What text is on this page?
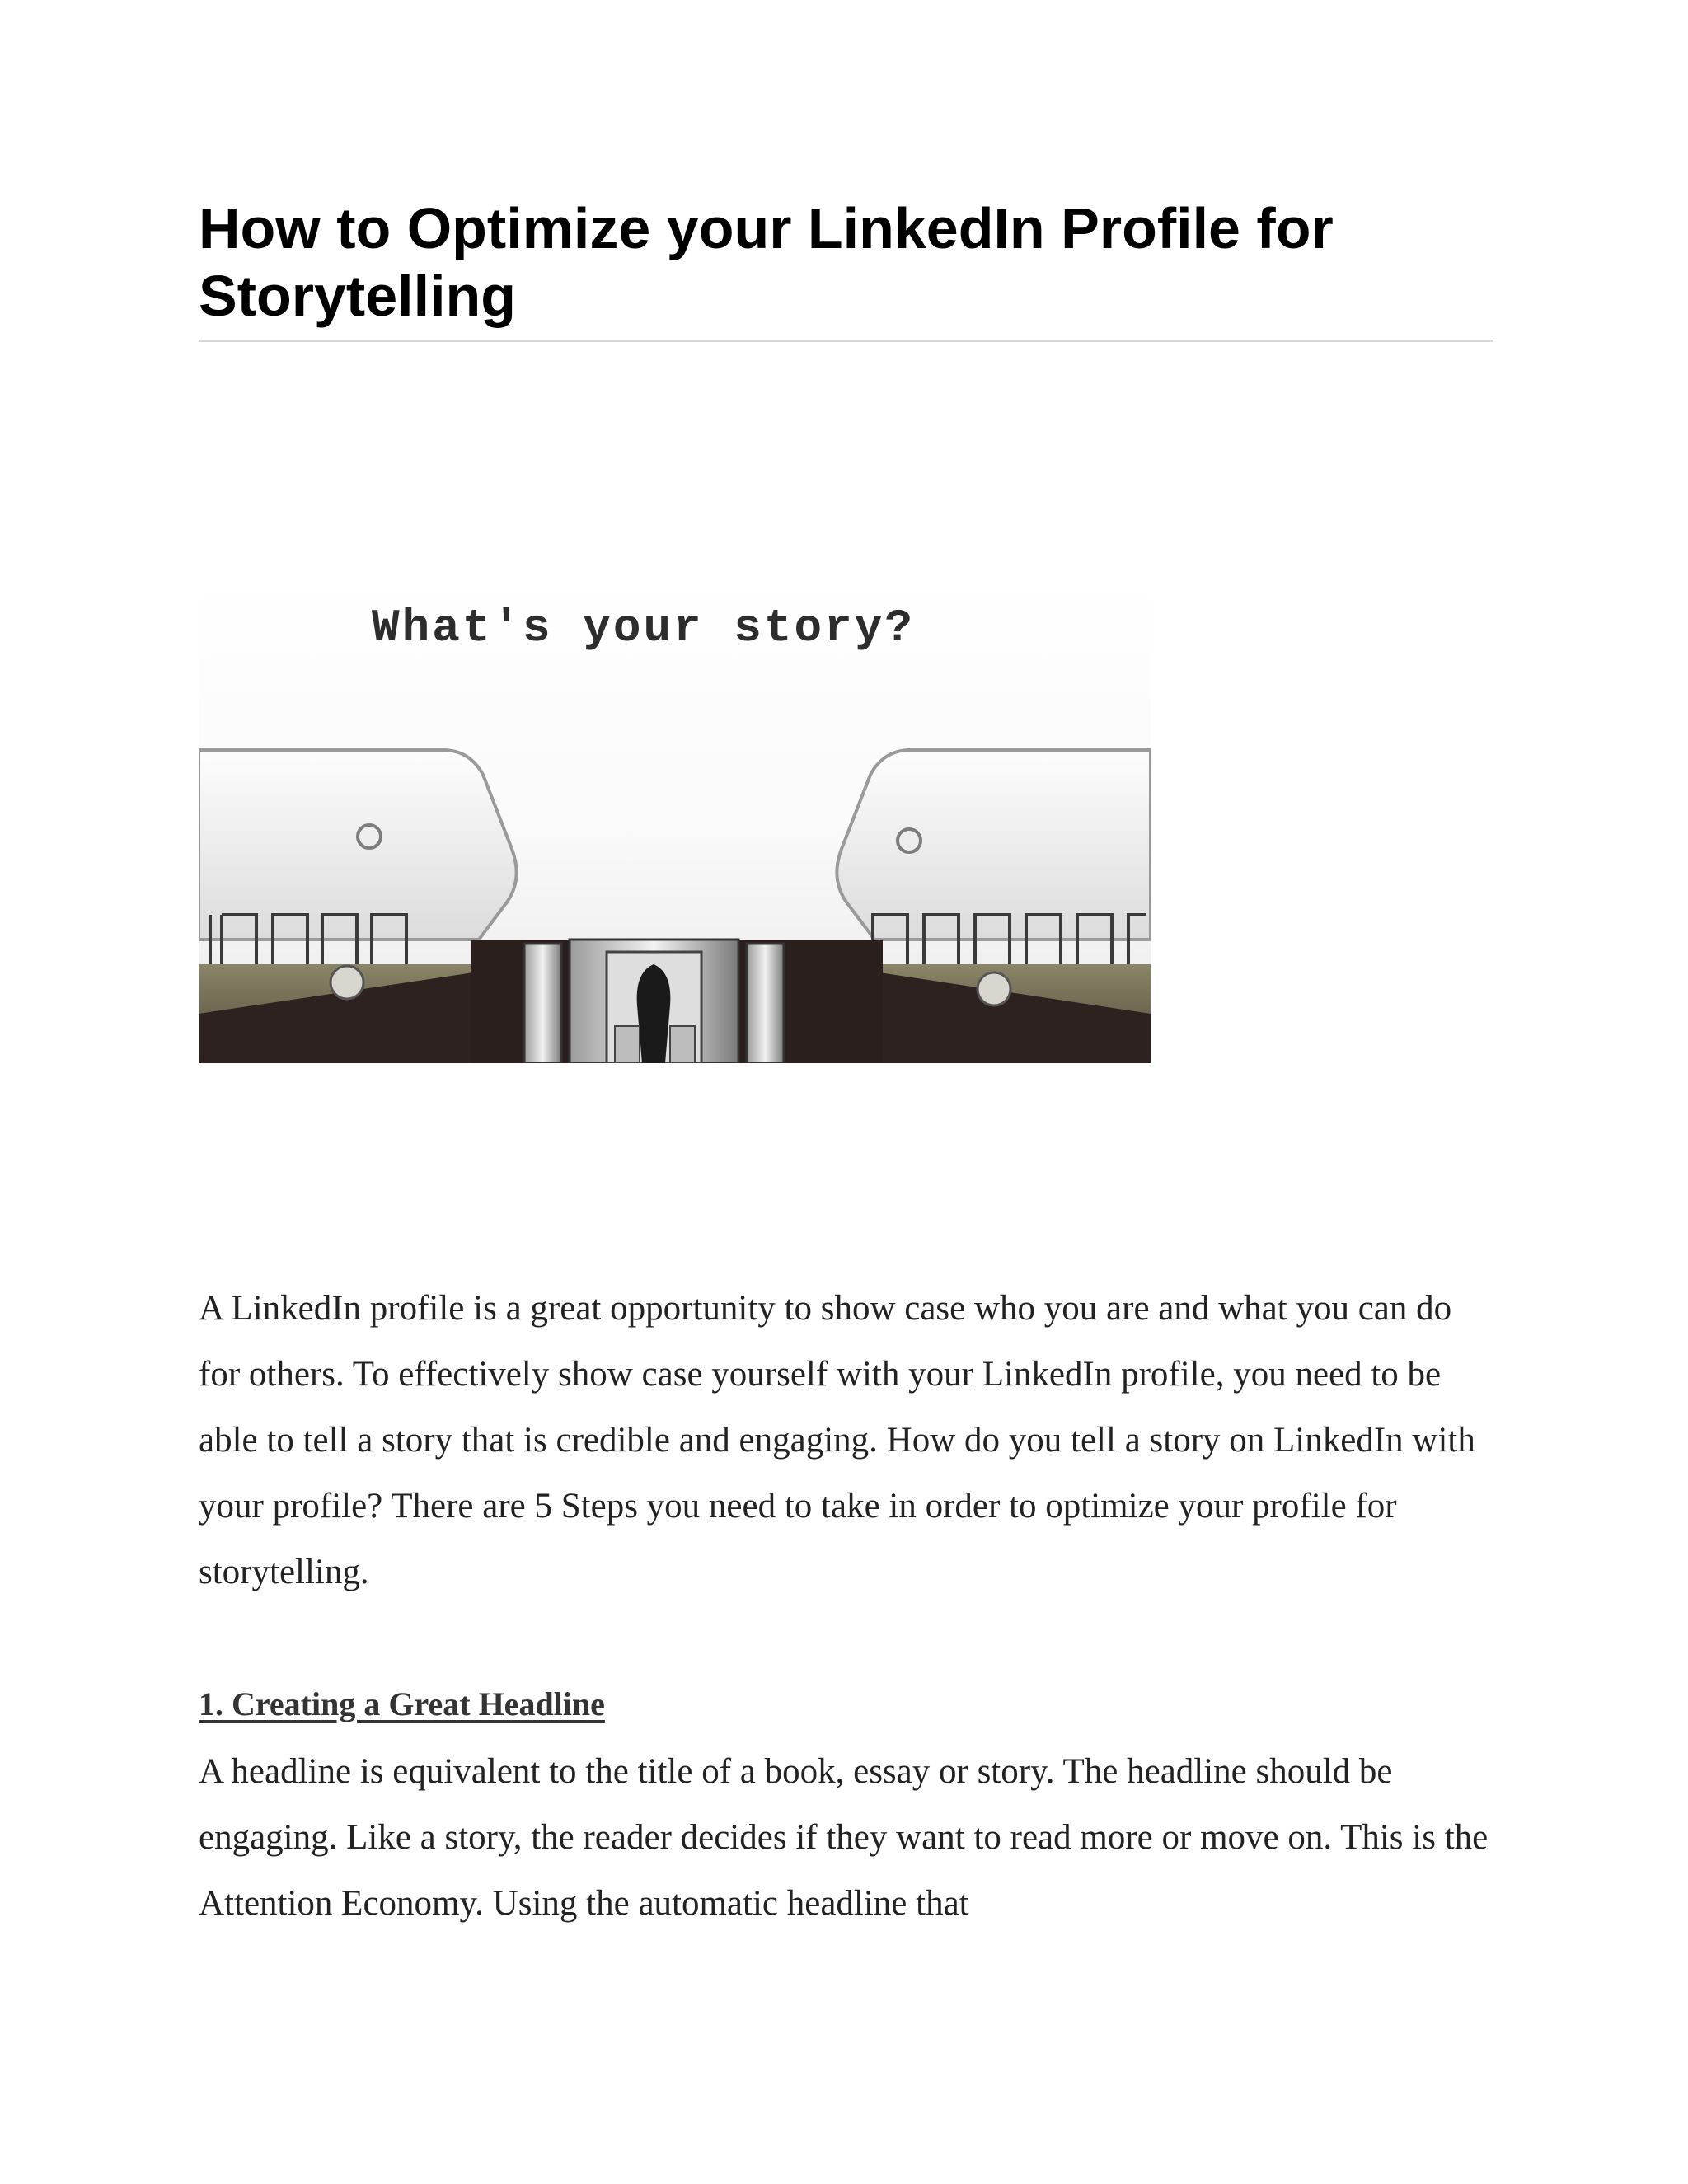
How to Optimize your LinkedIn Profile for Storytelling

What's your story?

A LinkedIn profile is a great opportunity to show case who you are and what you can do for others. To effectively show case yourself with your LinkedIn profile, you need to be able to tell a story that is credible and engaging. How do you tell a story on LinkedIn with your profile? There are 5 Steps you need to take in order to optimize your profile for storytelling.

1. Creating a Great Headline

A headline is equivalent to the title of a book, essay or story. The headline should be engaging. Like a story, the reader decides if they want to read more or move on. This is the Attention Economy. Using the automatic headline that
